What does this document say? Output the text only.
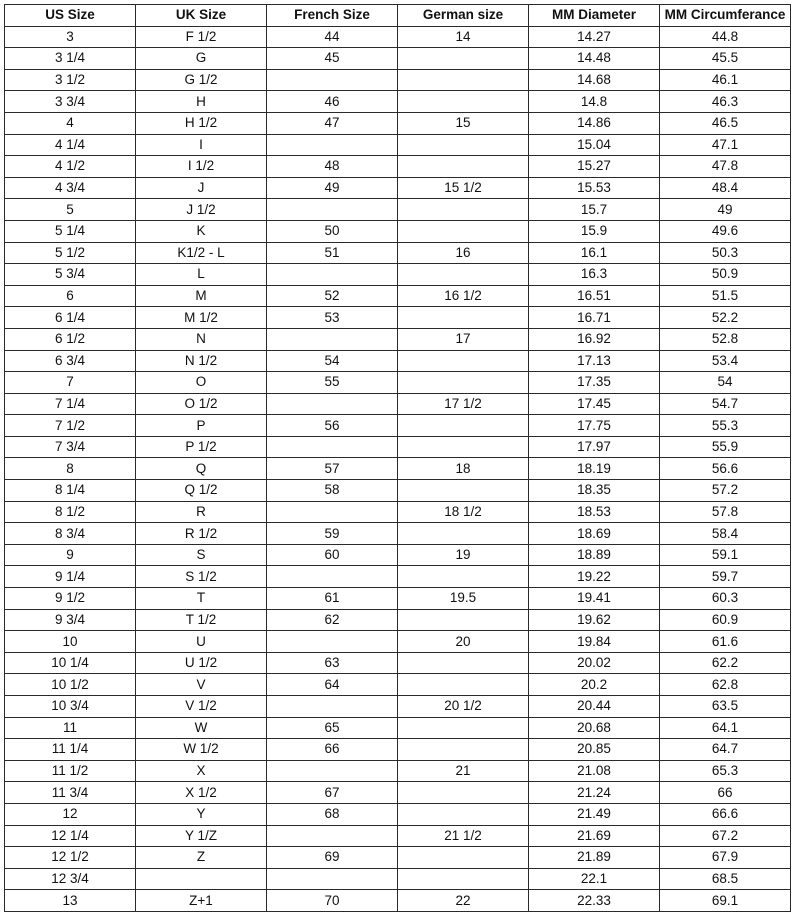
US Size	UK Size	French Size	German size	MM Diameter	MM Circumferance
3	F 1/2	44	14	14.27	44.8
3 1/4	G	45		14.48	45.5
3 1/2	G 1/2			14.68	46.1
3 3/4	H	46		14.8	46.3
4	H 1/2	47	15	14.86	46.5
4 1/4	I			15.04	47.1
4 1/2	I 1/2	48		15.27	47.8
4 3/4	J	49	15 1/2	15.53	48.4
5	J 1/2			15.7	49
5 1/4	K	50		15.9	49.6
5 1/2	K1/2 - L	51	16	16.1	50.3
5 3/4	L			16.3	50.9
6	M	52	16 1/2	16.51	51.5
6 1/4	M 1/2	53		16.71	52.2
6 1/2	N		17	16.92	52.8
6 3/4	N 1/2	54		17.13	53.4
7	O	55		17.35	54
7 1/4	O 1/2		17 1/2	17.45	54.7
7 1/2	P	56		17.75	55.3
7 3/4	P 1/2			17.97	55.9
8	Q	57	18	18.19	56.6
8 1/4	Q 1/2	58		18.35	57.2
8 1/2	R		18 1/2	18.53	57.8
8 3/4	R 1/2	59		18.69	58.4
9	S	60	19	18.89	59.1
9 1/4	S 1/2			19.22	59.7
9 1/2	T	61	19.5	19.41	60.3
9 3/4	T 1/2	62		19.62	60.9
10	U		20	19.84	61.6
10 1/4	U 1/2	63		20.02	62.2
10 1/2	V	64		20.2	62.8
10 3/4	V 1/2		20 1/2	20.44	63.5
11	W	65		20.68	64.1
11 1/4	W 1/2	66		20.85	64.7
11 1/2	X		21	21.08	65.3
11 3/4	X 1/2	67		21.24	66
12	Y	68		21.49	66.6
12 1/4	Y 1/Z		21 1/2	21.69	67.2
12 1/2	Z	69		21.89	67.9
12 3/4				22.1	68.5
13	Z+1	70	22	22.33	69.1
